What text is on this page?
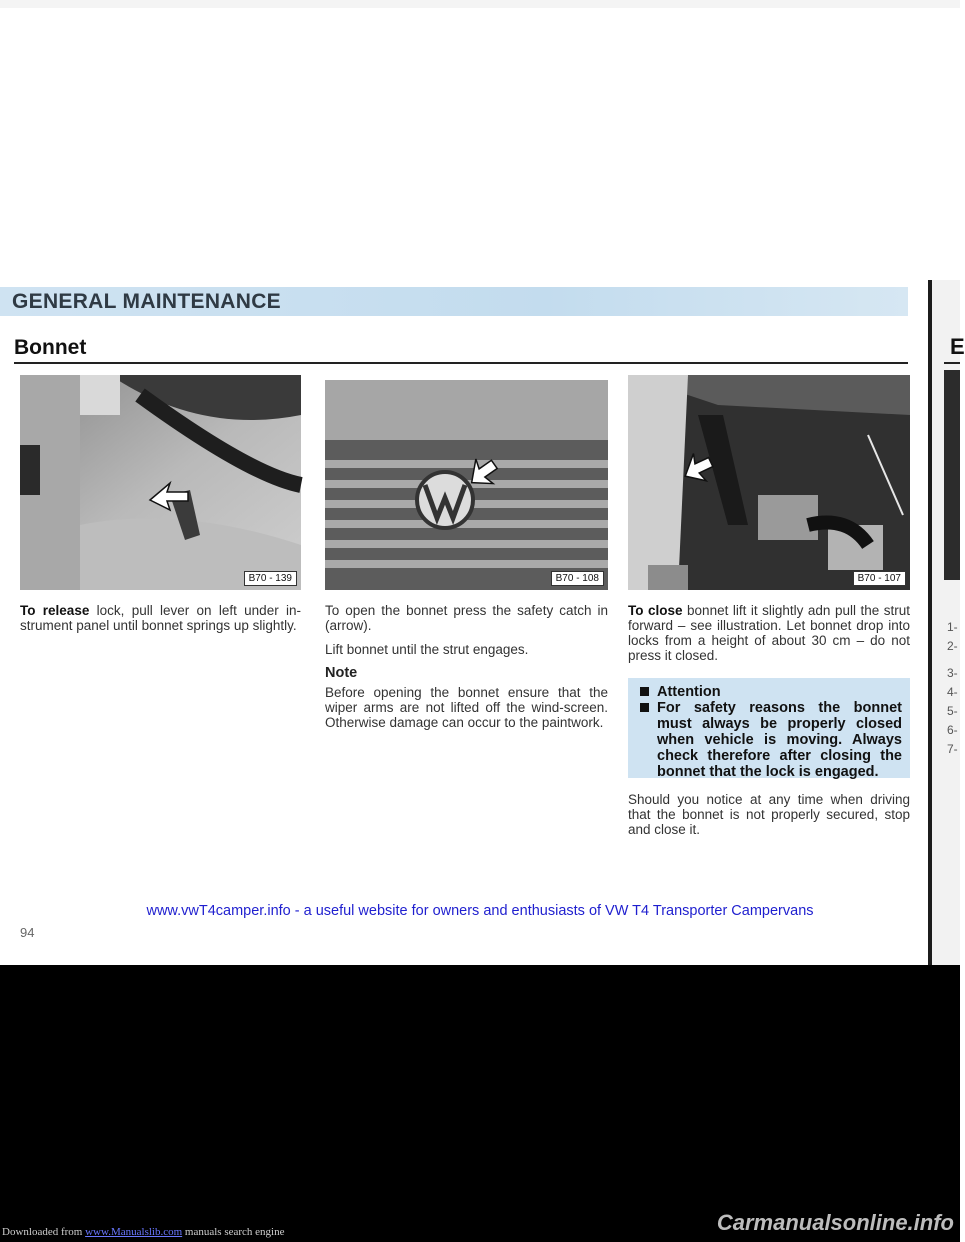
GENERAL MAINTENANCE
Bonnet	E
1-
2-
3-
4-
5-
6-
7-
B70 - 139	B70 - 108	B70 - 107

To release lock, pull lever on left under in-strument panel until bonnet springs up slightly.

To open the bonnet press the safety catch in (arrow).

Lift bonnet until the strut engages.

Note

Before opening the bonnet ensure that the wiper arms are not lifted off the wind-screen. Otherwise damage can occur to the paintwork.

To close bonnet lift it slightly adn pull the strut forward – see illustration. Let bonnet drop into locks from a height of about 30 cm – do not press it closed.

Attention
For safety reasons the bonnet must always be properly closed when vehicle is moving. Always check therefore after closing the bonnet that the lock is engaged.

Should you notice at any time when driving that the bonnet is not properly secured, stop and close it.

www.vwT4camper.info - a useful website for owners and enthusiasts of VW T4 Transporter Campervans
94
Downloaded from www.Manualslib.com manuals search engine	Carmanualsonline.info
